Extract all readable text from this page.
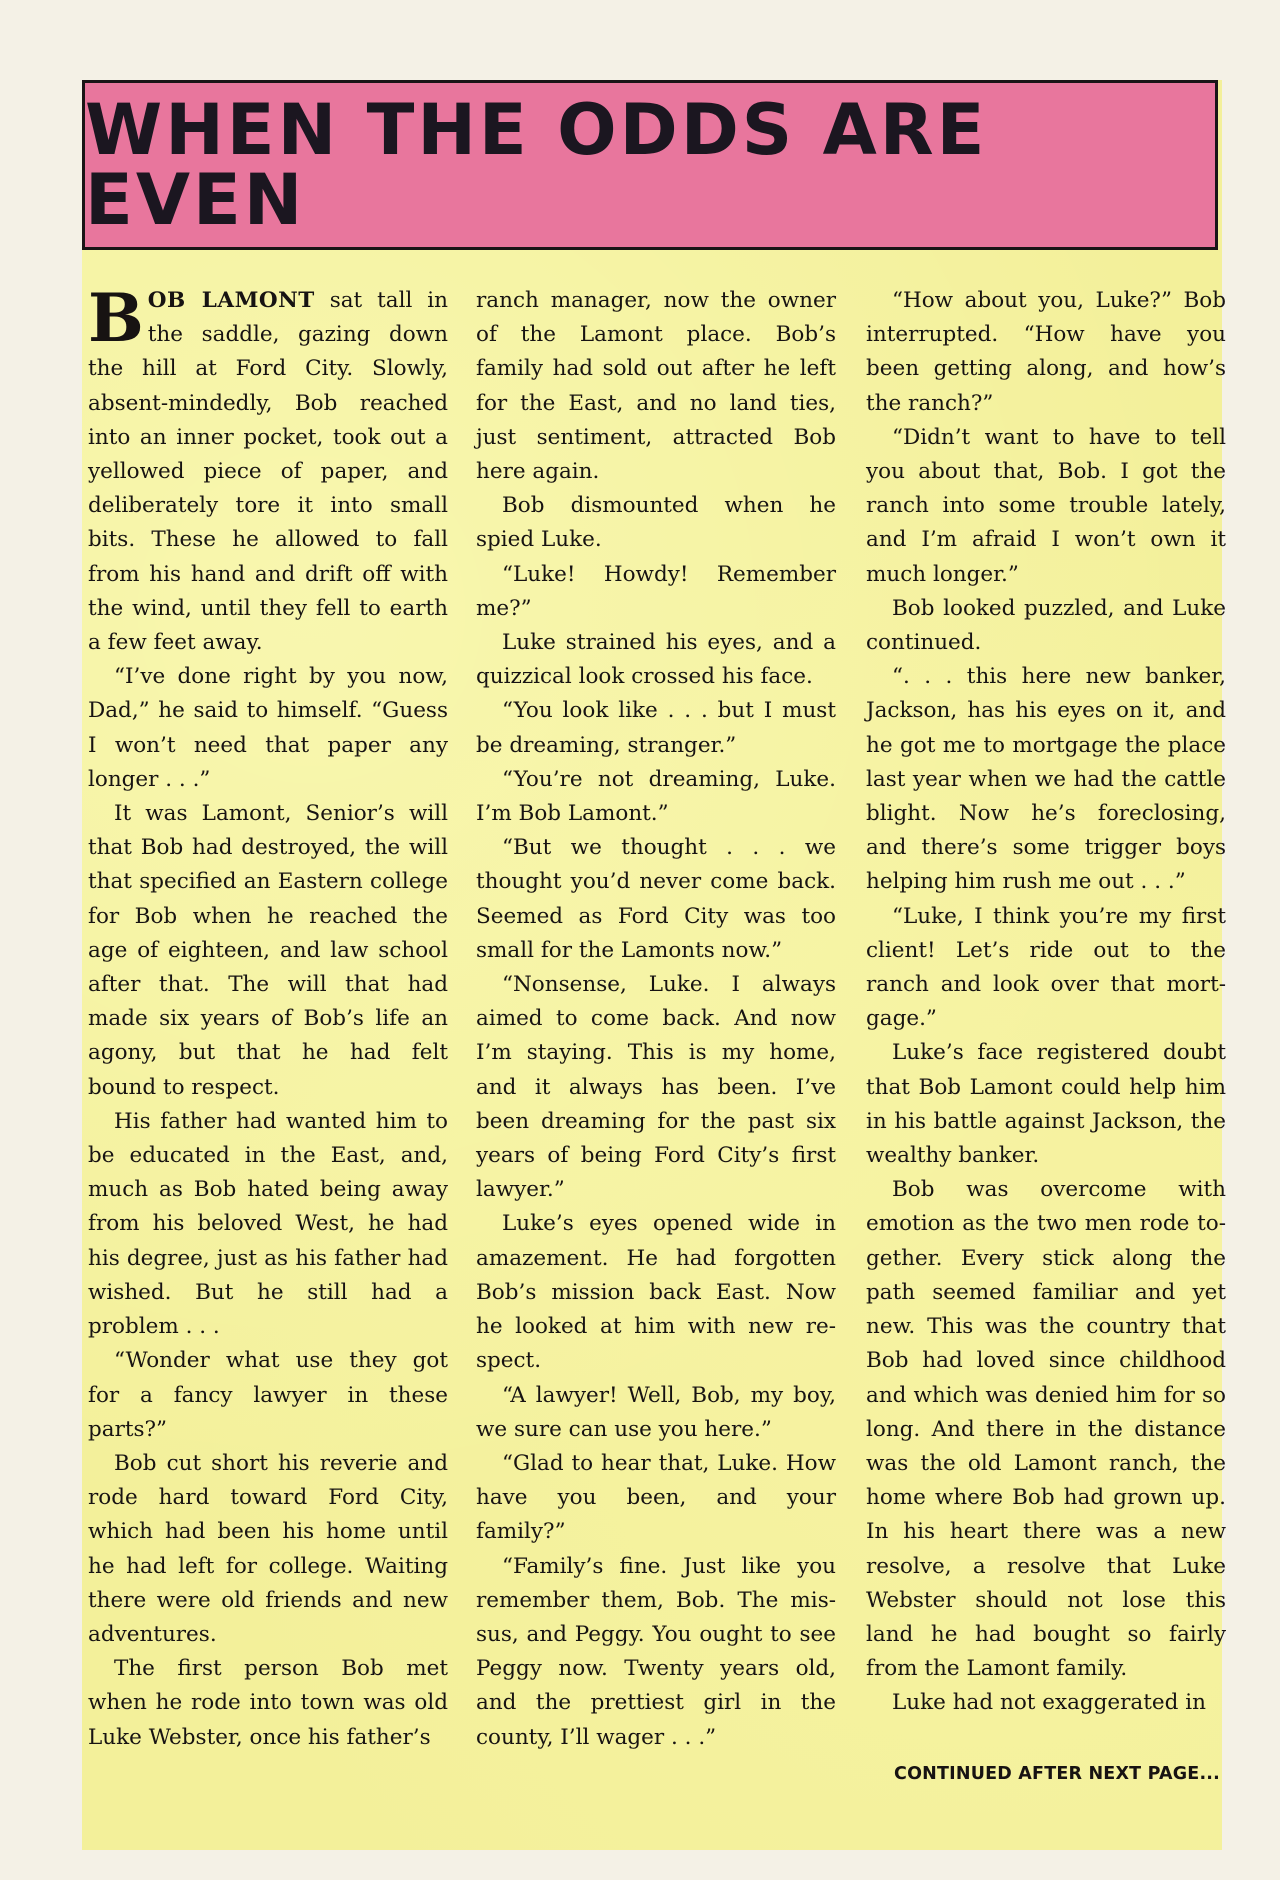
WHEN THE ODDS ARE EVEN

BOB LAMONT sat tall in the saddle, gazing down the hill at Ford City. Slowly, absent-mindedly, Bob reached into an inner pocket, took out a yellowed piece of paper, and deliberately tore it into small bits. These he allowed to fall from his hand and drift off with the wind, until they fell to earth a few feet away.

“I’ve done right by you now, Dad,” he said to himself. “Guess I won’t need that paper any longer . . .”

It was Lamont, Senior’s will that Bob had destroyed, the will that specified an Eastern college for Bob when he reached the age of eighteen, and law school after that. The will that had made six years of Bob’s life an agony, but that he had felt bound to respect.

His father had wanted him to be educated in the East, and, much as Bob hated being away from his beloved West, he had his degree, just as his father had wished. But he still had a problem . . .

“Wonder what use they got for a fancy lawyer in these parts?”

Bob cut short his reverie and rode hard toward Ford City, which had been his home until he had left for college. Waiting there were old friends and new adventures.

The first person Bob met when he rode into town was old Luke Webster, once his father’s

ranch manager, now the owner of the Lamont place. Bob’s family had sold out after he left for the East, and no land ties, just sentiment, attracted Bob here again.

Bob dismounted when he spied Luke.

“Luke! Howdy! Remember me?”

Luke strained his eyes, and a quizzical look crossed his face.

“You look like . . . but I must be dreaming, stranger.”

“You’re not dreaming, Luke. I’m Bob Lamont.”

“But we thought . . . we thought you’d never come back. Seemed as Ford City was too small for the Lamonts now.”

“Nonsense, Luke. I always aimed to come back. And now I’m staying. This is my home, and it always has been. I’ve been dreaming for the past six years of being Ford City’s first lawyer.”

Luke’s eyes opened wide in amazement. He had forgotten Bob’s mission back East. Now he looked at him with new respect.

“A lawyer! Well, Bob, my boy, we sure can use you here.”

“Glad to hear that, Luke. How have you been, and your family?”

“Family’s fine. Just like you remember them, Bob. The missus, and Peggy. You ought to see Peggy now. Twenty years old, and the prettiest girl in the county, I’ll wager . . .”

“How about you, Luke?” Bob interrupted. “How have you been getting along, and how’s the ranch?”

“Didn’t want to have to tell you about that, Bob. I got the ranch into some trouble lately, and I’m afraid I won’t own it much longer.”

Bob looked puzzled, and Luke continued.

“. . . this here new banker, Jackson, has his eyes on it, and he got me to mortgage the place last year when we had the cattle blight. Now he’s foreclosing, and there’s some trigger boys helping him rush me out . . .”

“Luke, I think you’re my first client! Let’s ride out to the ranch and look over that mortgage.”

Luke’s face registered doubt that Bob Lamont could help him in his battle against Jackson, the wealthy banker.

Bob was overcome with emotion as the two men rode together. Every stick along the path seemed familiar and yet new. This was the country that Bob had loved since childhood and which was denied him for so long. And there in the distance was the old Lamont ranch, the home where Bob had grown up. In his heart there was a new resolve, a resolve that Luke Webster should not lose this land he had bought so fairly from the Lamont family.

Luke had not exaggerated in

CONTINUED AFTER NEXT PAGE...
